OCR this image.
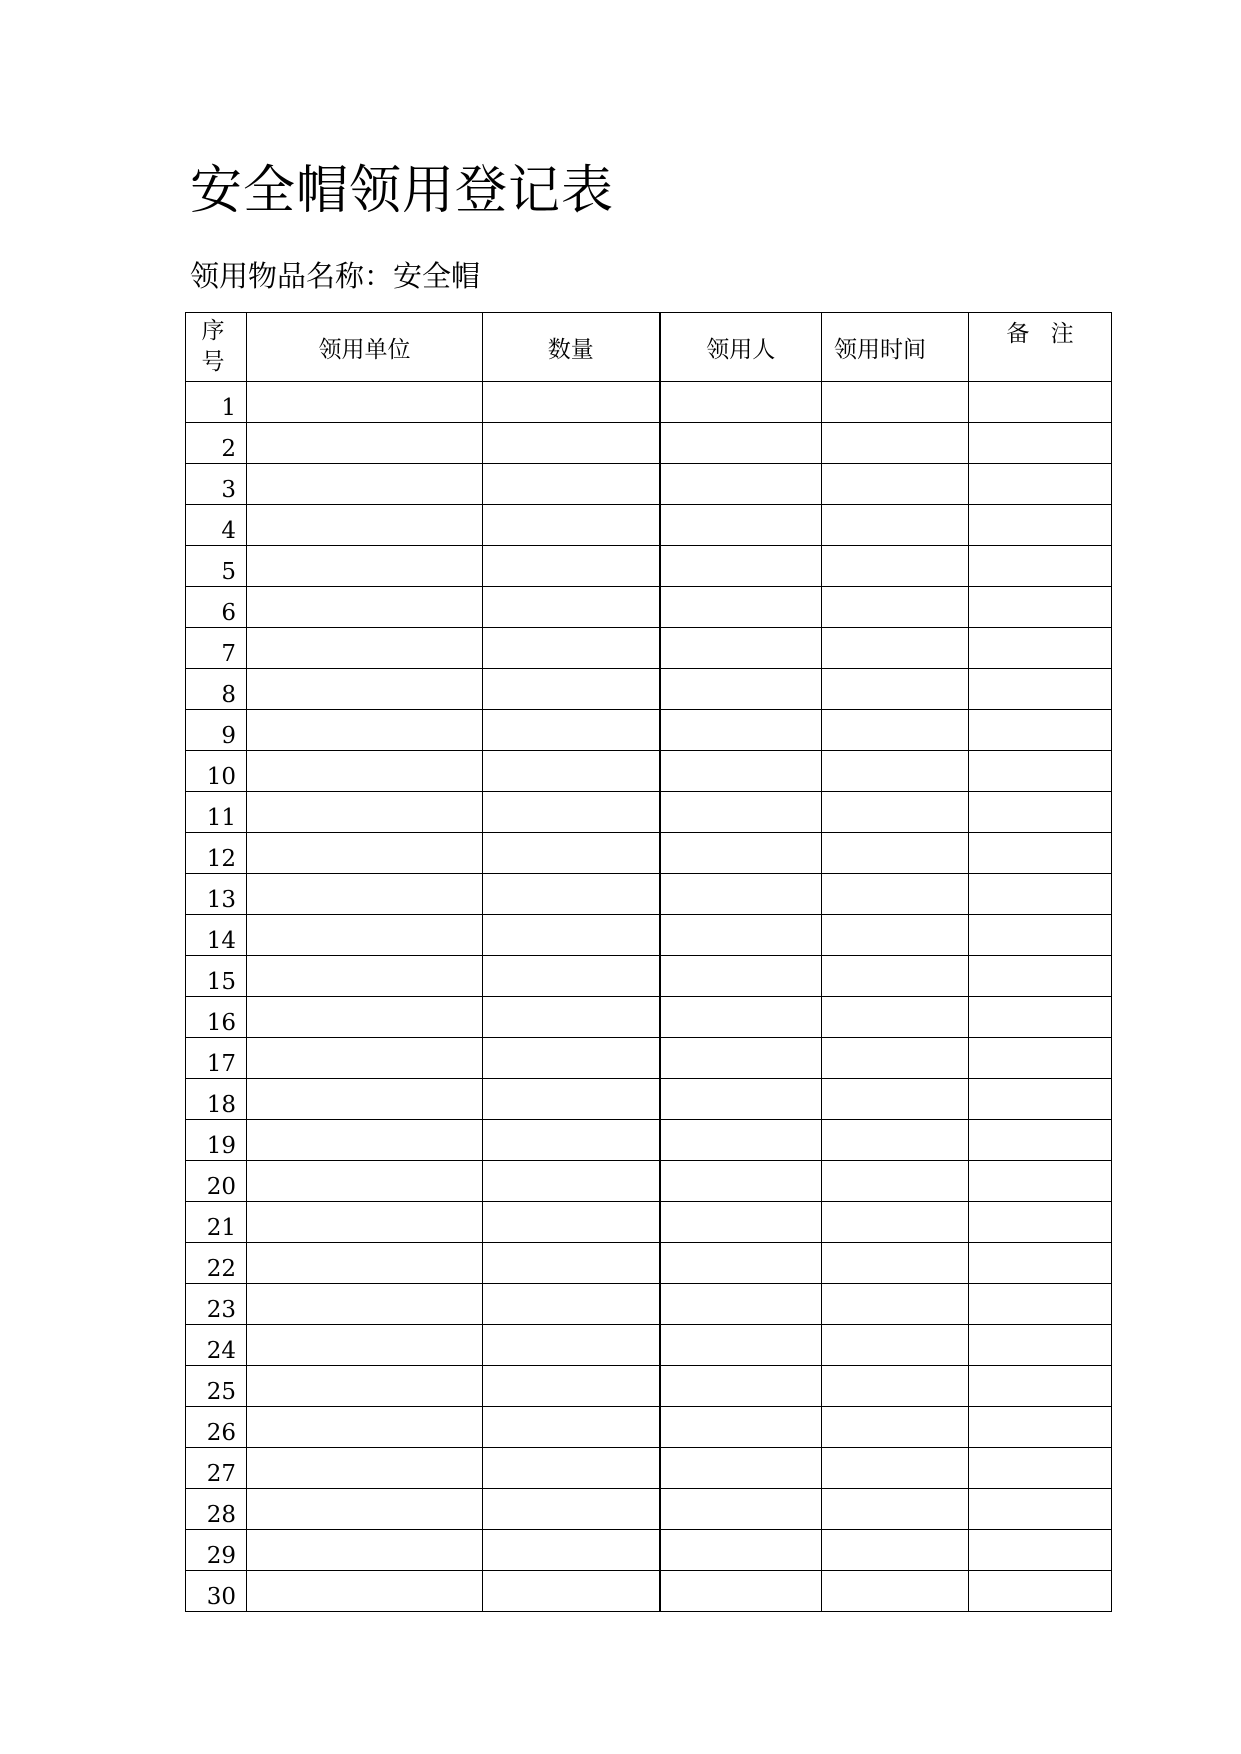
安全帽领用登记表
领用物品名称：安全帽
序
号	领用单位	数量	领用人	领用时间	备 注
1					
2					
3					
4					
5					
6					
7					
8					
9					
10					
11					
12					
13					
14					
15					
16					
17					
18					
19					
20					
21					
22					
23					
24					
25					
26					
27					
28					
29					
30					
